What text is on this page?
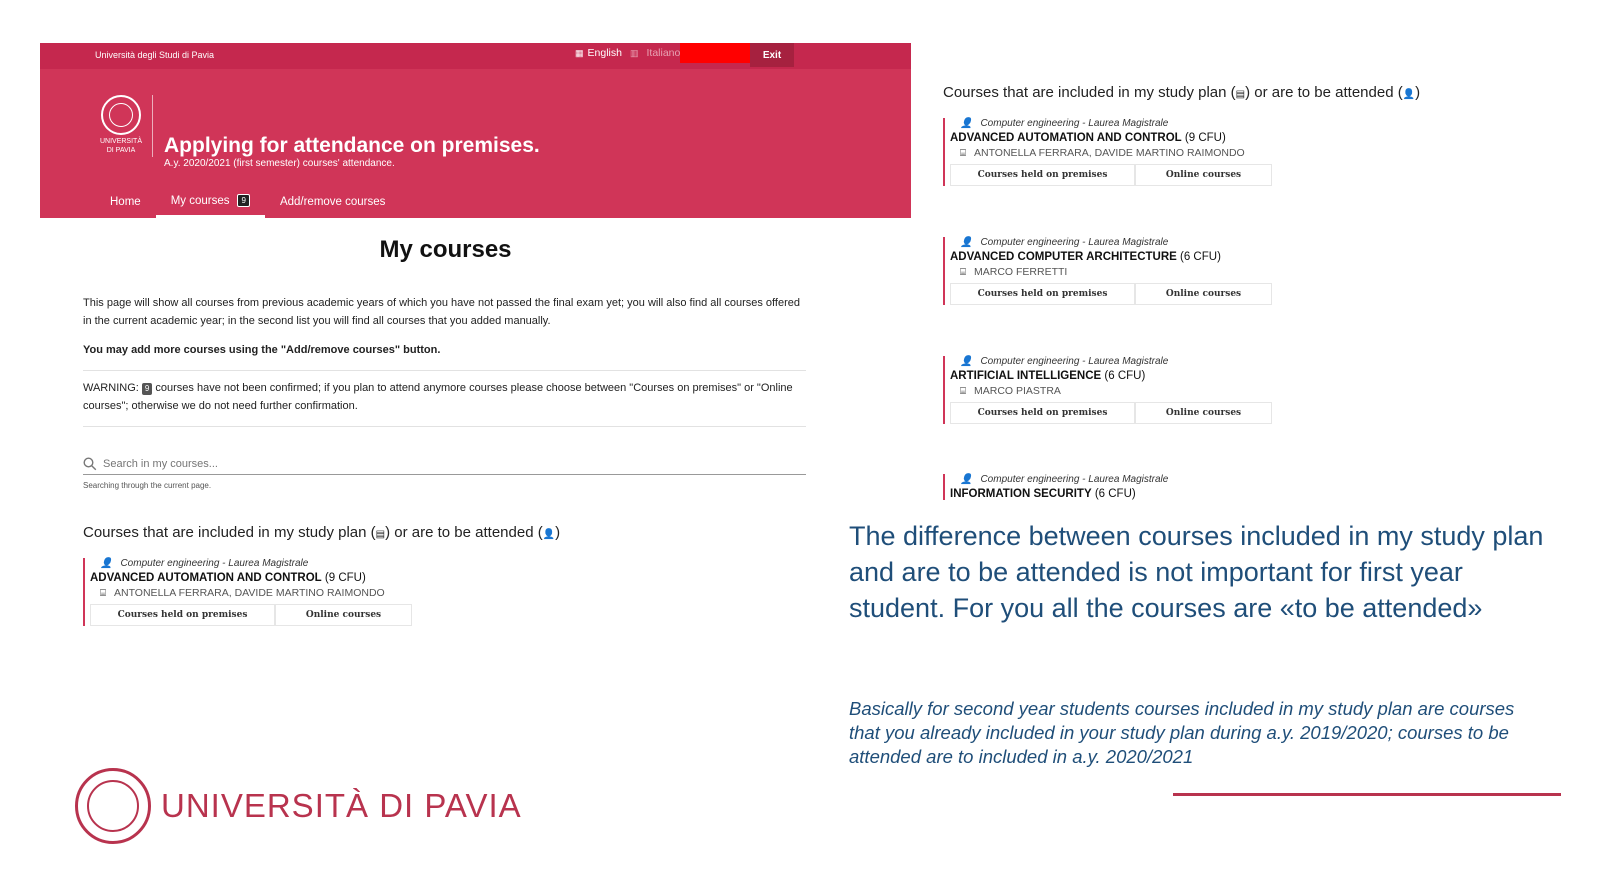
Università degli Studi di Pavia	▦ English ▥ Italiano	Exit
UNIVERSITÀ DI PAVIA	Applying for attendance on premises.
A.y. 2020/2021 (first semester) courses' attendance.
Home	My courses	9	Add/remove courses
My courses
This page will show all courses from previous academic years of which you have not passed the final exam yet; you will also find all courses offered in the current academic year; in the second list you will find all courses that you added manually.
You may add more courses using the "Add/remove courses" button.
WARNING: 9 courses have not been confirmed; if you plan to attend anymore courses please choose between "Courses on premises" or "Online courses"; otherwise we do not need further confirmation.
Search in my courses...
Searching through the current page.
Courses that are included in my study plan (▤) or are to be attended (👤)
👤 Computer engineering - Laurea Magistrale
ADVANCED AUTOMATION AND CONTROL (9 CFU)
⌸ ANTONELLA FERRARA, DAVIDE MARTINO RAIMONDO
Courses held on premises	Online courses
Courses that are included in my study plan (▤) or are to be attended (👤)
👤 Computer engineering - Laurea Magistrale
ADVANCED AUTOMATION AND CONTROL (9 CFU)
⌸ ANTONELLA FERRARA, DAVIDE MARTINO RAIMONDO
Courses held on premises	Online courses
👤 Computer engineering - Laurea Magistrale
ADVANCED COMPUTER ARCHITECTURE (6 CFU)
⌸ MARCO FERRETTI
Courses held on premises	Online courses
👤 Computer engineering - Laurea Magistrale
ARTIFICIAL INTELLIGENCE (6 CFU)
⌸ MARCO PIASTRA
Courses held on premises	Online courses
👤 Computer engineering - Laurea Magistrale
INFORMATION SECURITY (6 CFU)
The difference between courses included in my study plan and are to be attended is not important for first year student. For you all the courses are «to be attended»
Basically for second year students courses included in my study plan are courses that you already included in your study plan during a.y. 2019/2020; courses to be attended are to included in a.y. 2020/2021
UNIVERSITÀ DI PAVIA
